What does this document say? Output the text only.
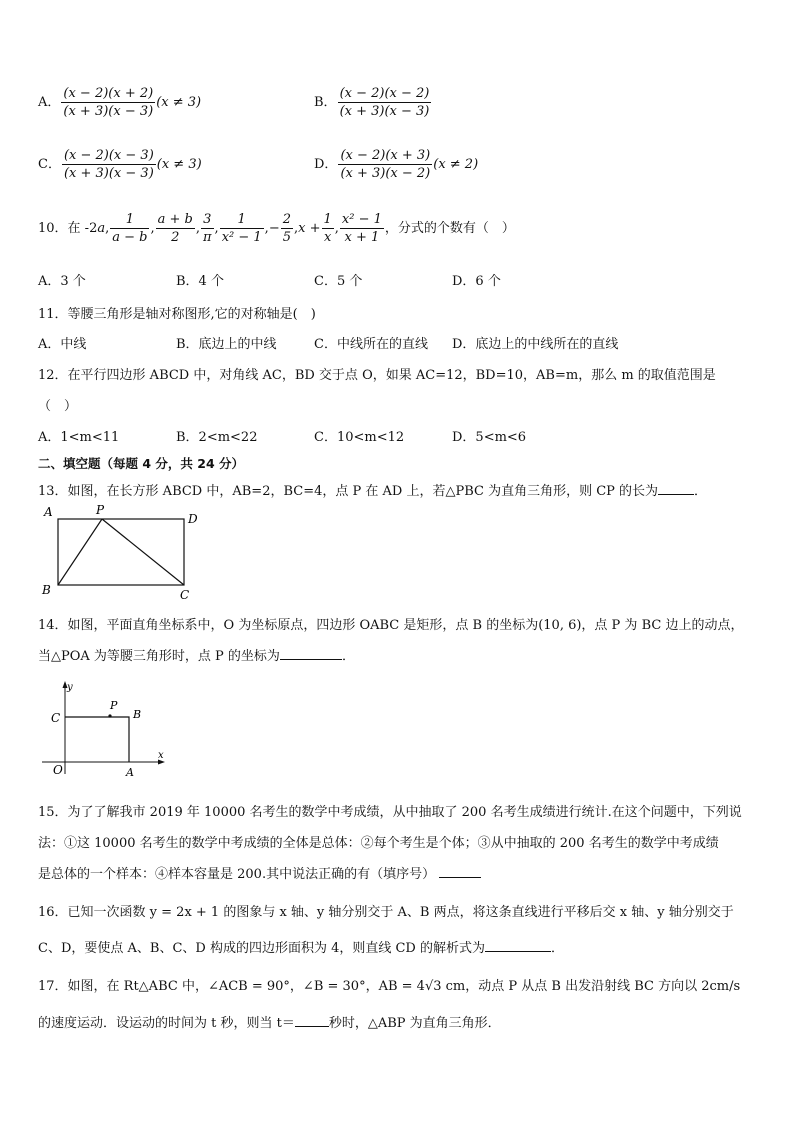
A． $\frac{(x - 2)(x + 2)}{(x + 3)(x - 3)} (x \ne 3)$	B． $\frac{(x - 2)(x - 2)}{(x + 3)(x - 3)}$
C． $\frac{(x - 2)(x - 3)}{(x + 3)(x - 3)} (x \ne 3)$	D． $\frac{(x - 2)(x + 3)}{(x + 3)(x - 2)} (x \ne 2)$
10．在 -2a, $\frac{1}{a - b}$ , $\frac{a + b}{2}$ , $\frac{3}{\pi}$ , $\frac{1}{\text{x² − 1}}$ ,− $\frac{2}{5} ,x + \frac{1}{x}$ , $\frac{\text{x² − 1}}{x + 1}$ ，分式的个数有（　）
A．3 个	B．4 个	C．5 个	D．6 个
11．等腰三角形是轴对称图形,它的对称轴是(　)
A．中线	B．底边上的中线	C．中线所在的直线 D．底边上的中线所在的直线
12．在平行四边形 ABCD 中，对角线 AC，BD 交于点 O，如果 AC=12，BD=10，AB=m，那么 m 的取值范围是
（　）
A．1<m<11	B．2<m<22	C．10<m<12	D．5<m<6
二、填空题（每题 4 分，共 24 分）
13．如图，在长方形 ABCD 中，AB=2，BC=4，点 P 在 AD 上，若△PBC 为直角三角形，则 CP 的长为	．
A	P
D
B	C
14．如图，平面直角坐标系中，O 为坐标原点，四边形 OABC 是矩形，点 B 的坐标为(10, 6)，点 P 为 BC 边上的动点，
当△POA 为等腰三角形时，点 P 的坐标为	．
y
x
C
P
B
O	A
15．为了了解我市 2019 年 10000 名考生的数学中考成绩，从中抽取了 200 名考生成绩进行统计.在这个问题中，下列说
法：①这 10000 名考生的数学中考成绩的全体是总体：②每个考生是个体；③从中抽取的 200 名考生的数学中考成绩
是总体的一个样本：④样本容量是 200.其中说法正确的有（填序号）
16．已知一次函数 y = 2x + 1 的图象与 x 轴、y 轴分别交于 A、B 两点，将这条直线进行平移后交 x 轴、y 轴分别交于
C、D，要使点 A、B、C、D 构成的四边形面积为 4，则直线 CD 的解析式为	．
17．如图，在 Rt△ABC 中，∠ACB = 90°，∠B = 30°，AB = 4√3 cm，动点 P 从点 B 出发沿射线 BC 方向以 2cm/s
的速度运动．设运动的时间为 t 秒，则当 t＝	秒时，△ABP 为直角三角形．
